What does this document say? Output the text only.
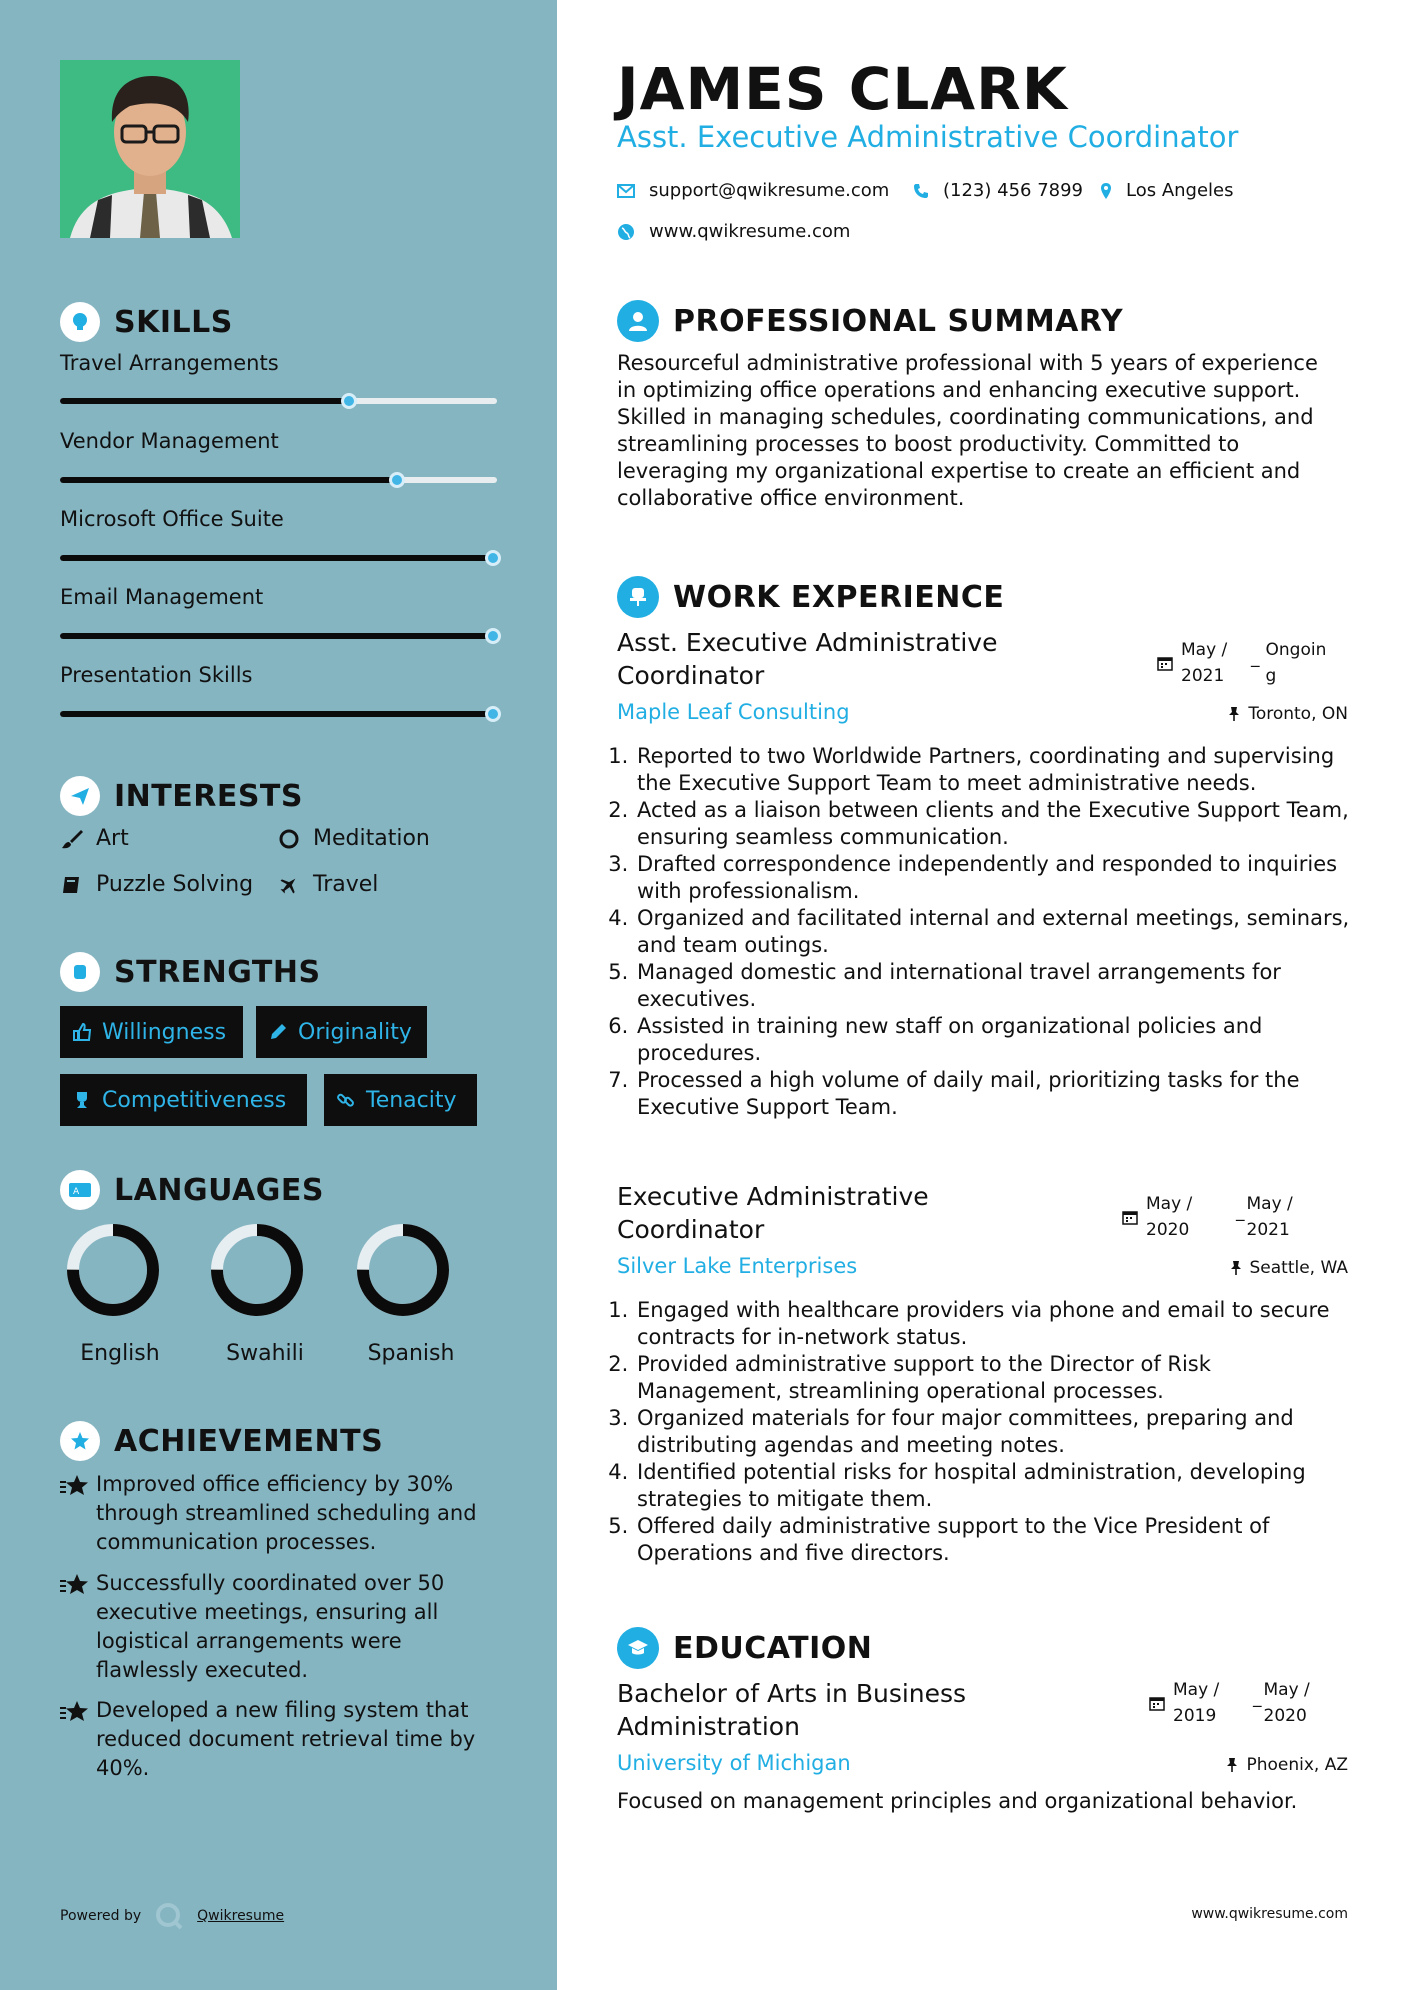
SKILLS
Travel Arrangements
Vendor Management
Microsoft Office Suite
Email Management
Presentation Skills
INTERESTS
Art	Meditation
Puzzle Solving	Travel
STRENGTHS
Willingness	Originality
Competitiveness	Tenacity
A LANGUAGES
English	Swahili	Spanish
ACHIEVEMENTS
Improved office efficiency by 30% through streamlined scheduling and communication processes.
Successfully coordinated over 50 executive meetings, ensuring all logistical arrangements were flawlessly executed.
Developed a new filing system that reduced document retrieval time by 40%.
Powered by	Qwikresume
JAMES CLARK
Asst. Executive Administrative Coordinator
support@qwikresume.com	(123) 456 7899 Los Angeles
www.qwikresume.com
PROFESSIONAL SUMMARY
Resourceful administrative professional with 5 years of experience in optimizing office operations and enhancing executive support. Skilled in managing schedules, coordinating communications, and streamlining processes to boost productivity. Committed to leveraging my organizational expertise to create an efficient and collaborative office environment.
WORK EXPERIENCE
Asst. Executive Administrative Coordinator
May / 2021
_ Ongoin g
Maple Leaf Consulting	Toronto, ON
1. Reported to two Worldwide Partners, coordinating and supervising the Executive Support Team to meet administrative needs.
2. Acted as a liaison between clients and the Executive Support Team, ensuring seamless communication.
3. Drafted correspondence independently and responded to inquiries with professionalism.
4. Organized and facilitated internal and external meetings, seminars, and team outings.
5. Managed domestic and international travel arrangements for executives.
6. Assisted in training new staff on organizational policies and procedures.
7. Processed a high volume of daily mail, prioritizing tasks for the Executive Support Team.
Executive Administrative Coordinator
May / 2020
_ May / 2021
Silver Lake Enterprises	Seattle, WA
1. Engaged with healthcare providers via phone and email to secure contracts for in-network status.
2. Provided administrative support to the Director of Risk Management, streamlining operational processes.
3. Organized materials for four major committees, preparing and distributing agendas and meeting notes.
4. Identified potential risks for hospital administration, developing strategies to mitigate them.
5. Offered daily administrative support to the Vice President of Operations and five directors.
EDUCATION
Bachelor of Arts in Business Administration
May / 2019
_ May / 2020
University of Michigan	Phoenix, AZ
Focused on management principles and organizational behavior.
www.qwikresume.com
